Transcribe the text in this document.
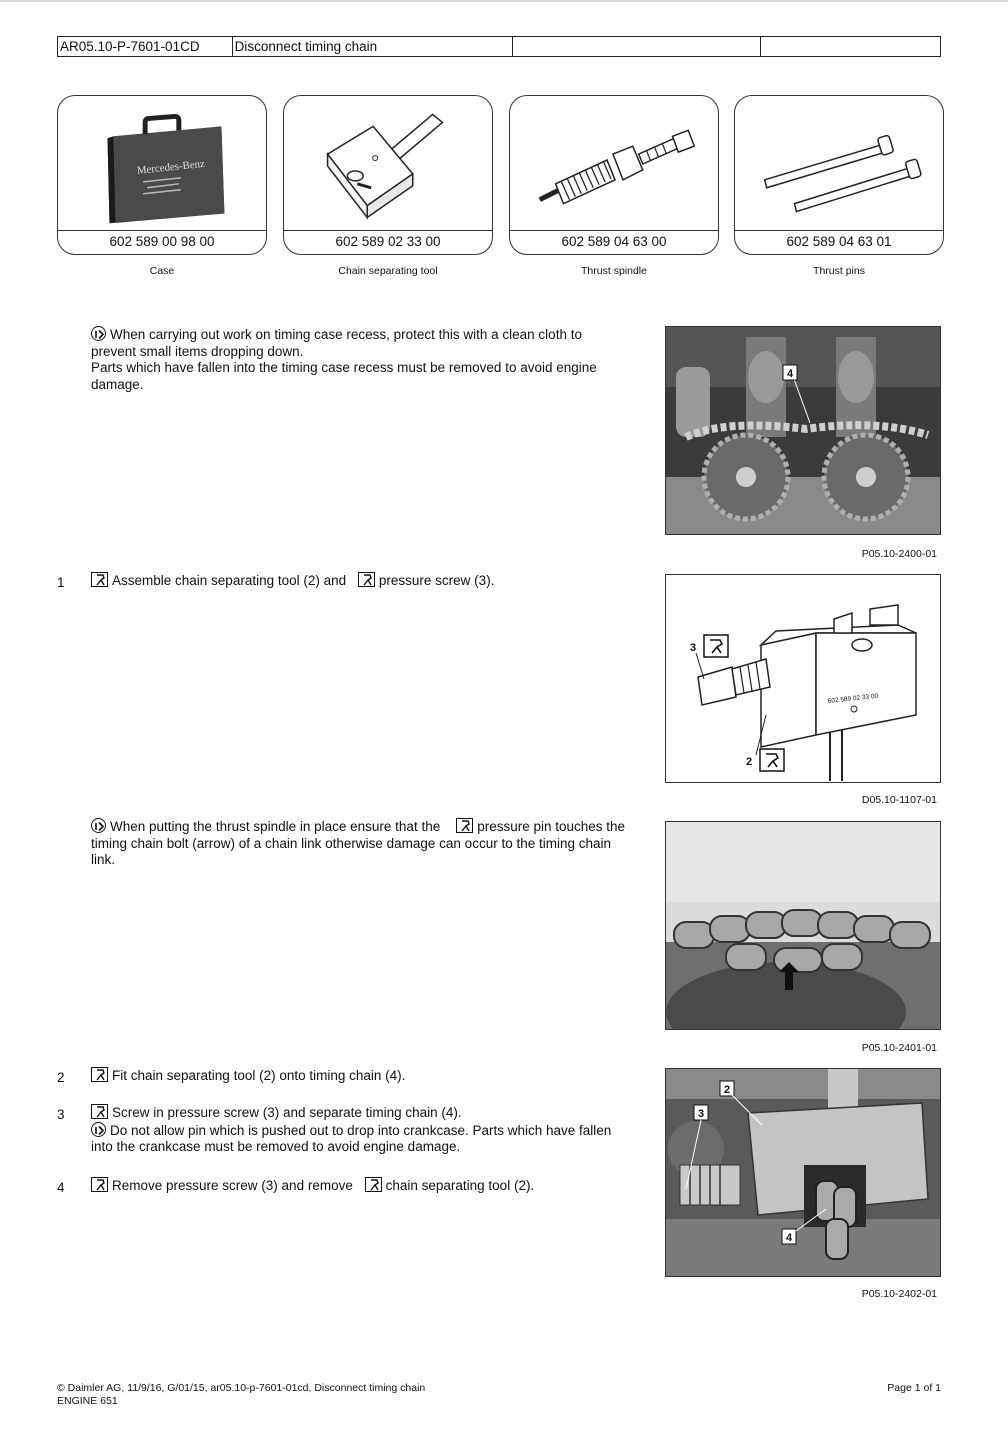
AR05.10-P-7601-01CD	Disconnect timing chain
Mercedes-Benz
602 589 00 98 00
Case
602 589 02 33 00
Chain separating tool
602 589 04 63 00
Thrust spindle
602 589 04 63 01
Thrust pins
When carrying out work on timing case recess, protect this with a clean cloth to
prevent small items dropping down.
Parts which have fallen into the timing case recess must be removed to avoid engine
damage.
4
P05.10-2400-01
1	Assemble chain separating tool (2) and pressure screw (3).
602 589 02 33 00
3
2
D05.10-1107-01
When putting the thrust spindle in place ensure that the	pressure pin touches the
timing chain bolt (arrow) of a chain link otherwise damage can occur to the timing chain
link.
P05.10-2401-01
2	Fit chain separating tool (2) onto timing chain (4).
3	Screw in pressure screw (3) and separate timing chain (4).
Do not allow pin which is pushed out to drop into crankcase. Parts which have fallen
into the crankcase must be removed to avoid engine damage.
4	Remove pressure screw (3) and remove chain separating tool (2).
2
3
4
P05.10-2402-01
© Daimler AG, 11/9/16, G/01/15, ar05.10-p-7601-01cd, Disconnect timing chain
ENGINE 651
Page 1 of 1
